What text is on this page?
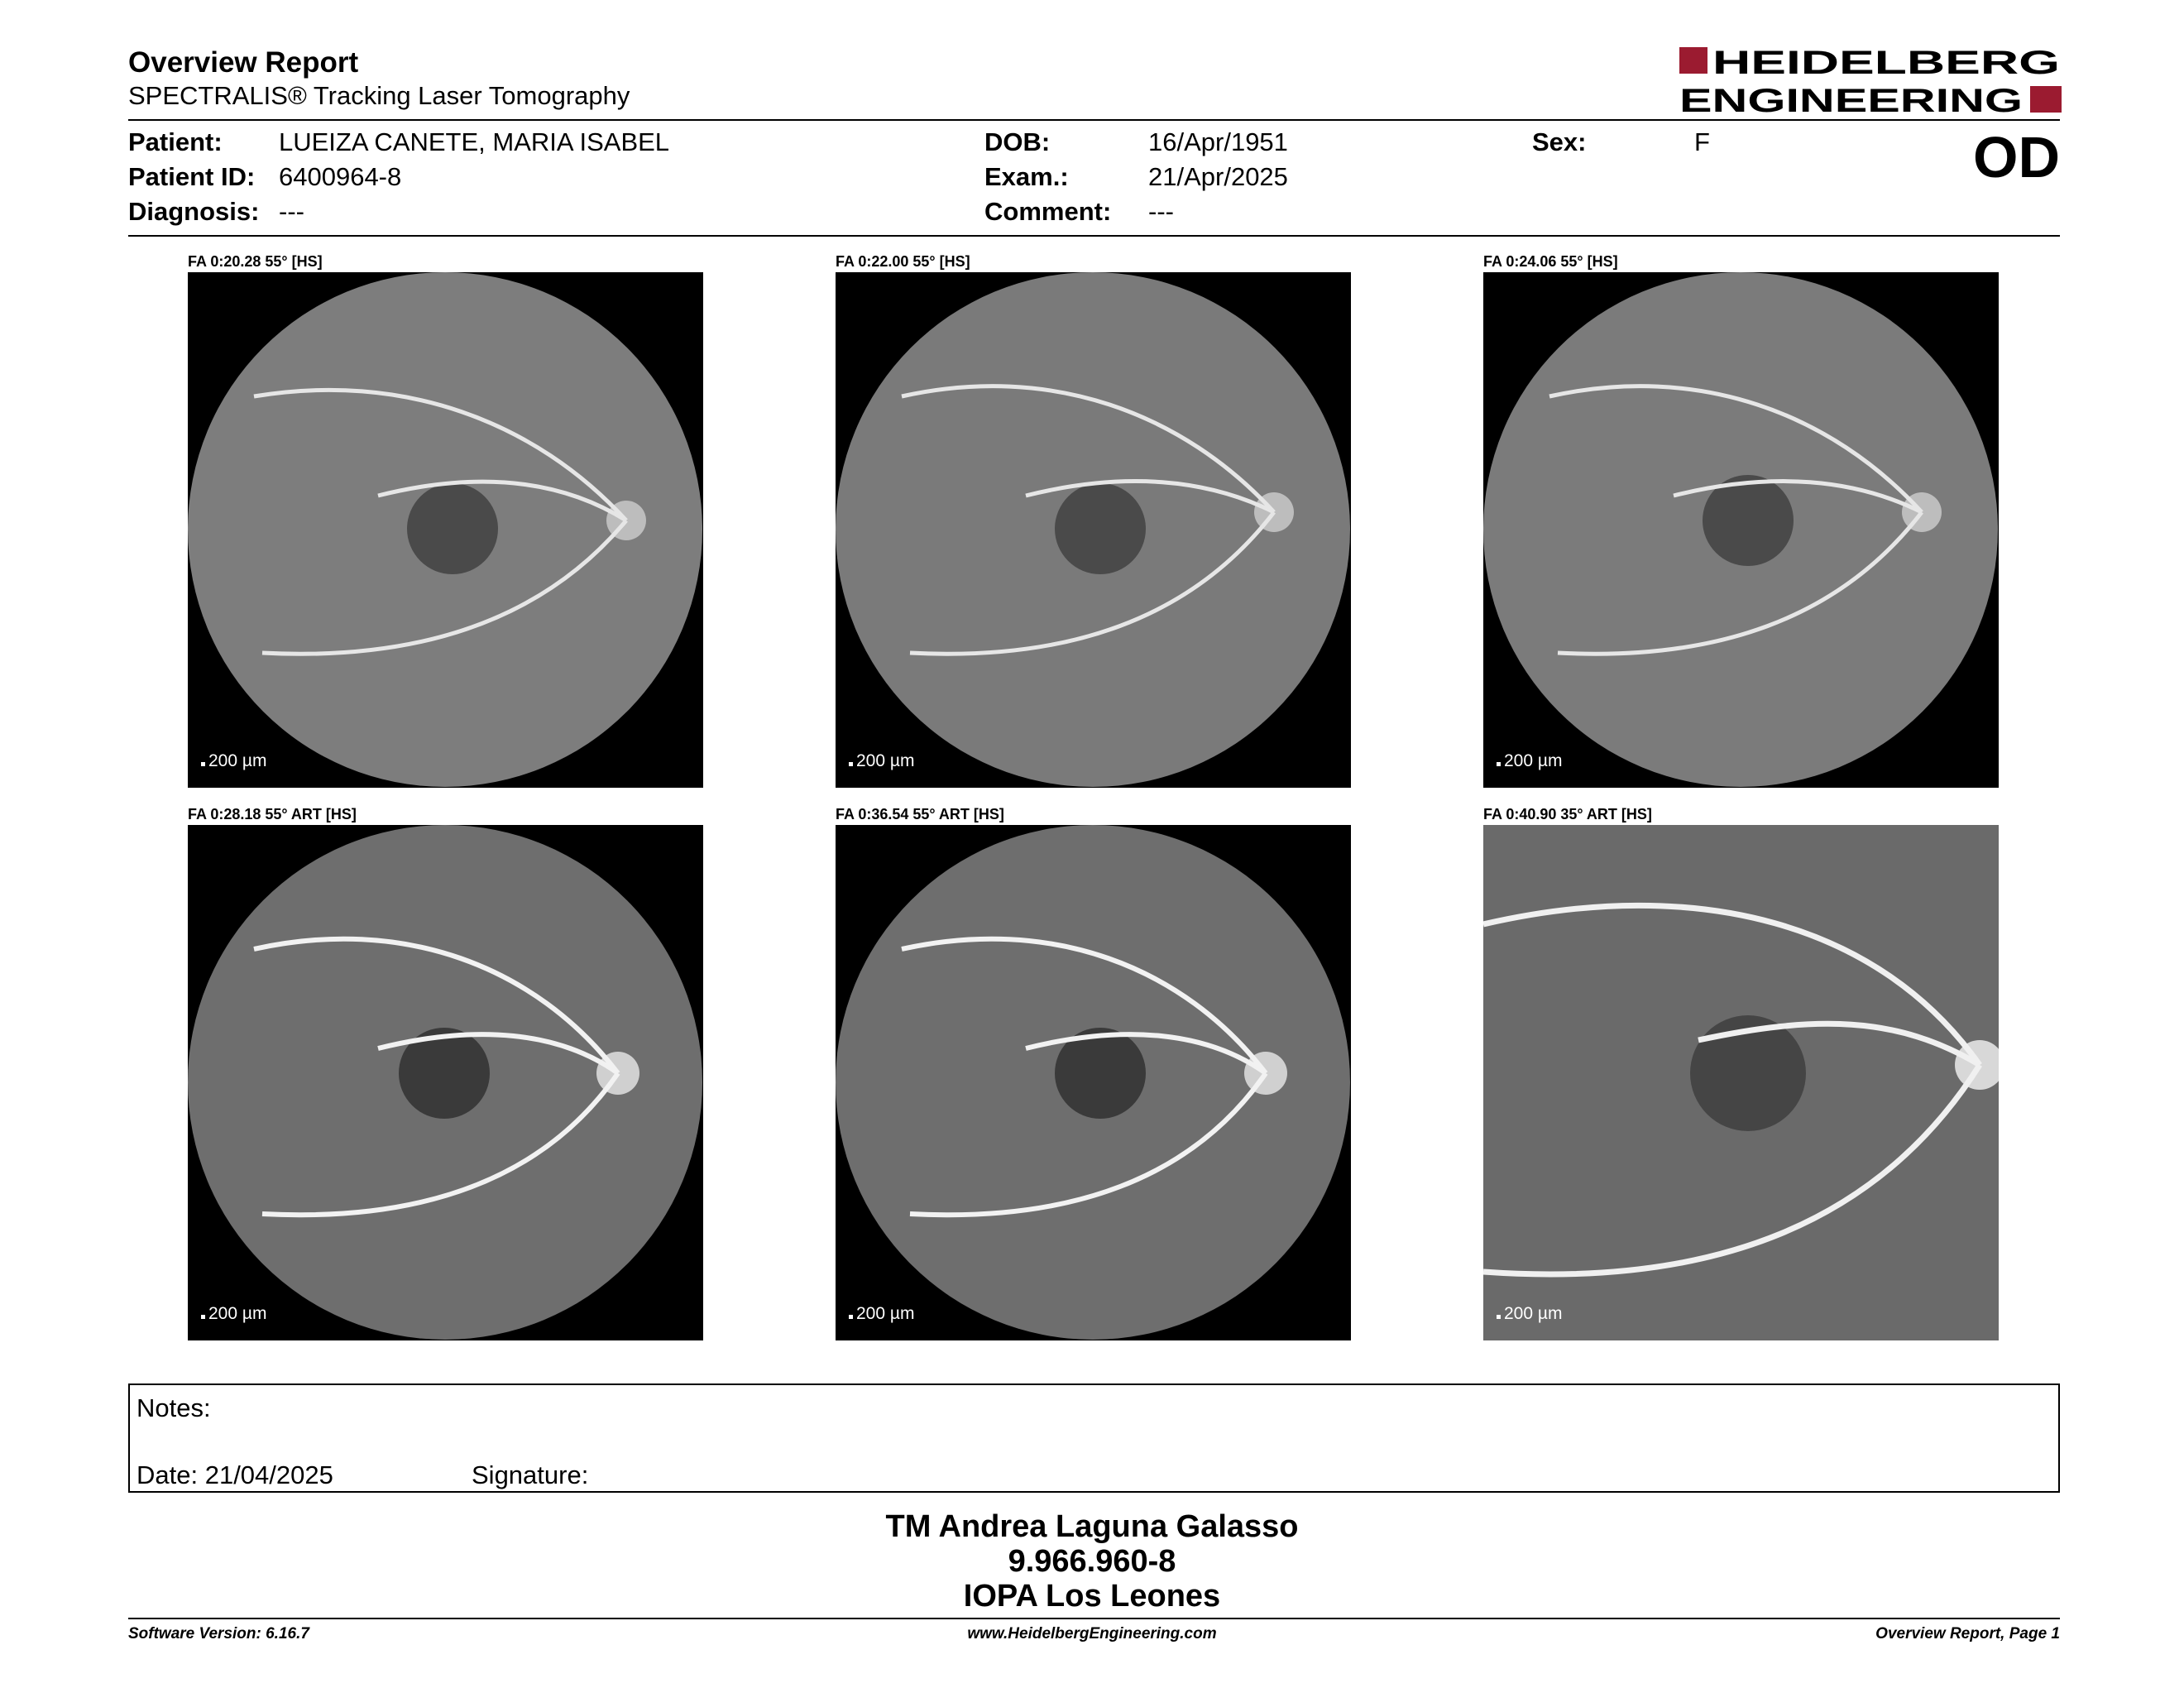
Overview Report
SPECTRALIS® Tracking Laser Tomography
HEIDELBERG
ENGINEERING
Patient: LUEIZA CANETE, MARIA ISABEL
Patient ID: 6400964-8
Diagnosis: ---
DOB:	16/Apr/1951
Exam.:	21/Apr/2025
Comment: ---
Sex:	F	OD
FA 0:20.28 55° [HS]
200 µm
FA 0:22.00 55° [HS]
200 µm
FA 0:24.06 55° [HS]
200 µm
FA 0:28.18 55° ART [HS]
200 µm
FA 0:36.54 55° ART [HS]
200 µm
FA 0:40.90 35° ART [HS]
200 µm
Notes:
Date: 21/04/2025	Signature:
TM Andrea Laguna Galasso
9.966.960-8
IOPA Los Leones
Software Version: 6.16.7	www.HeidelbergEngineering.com	Overview Report, Page 1
